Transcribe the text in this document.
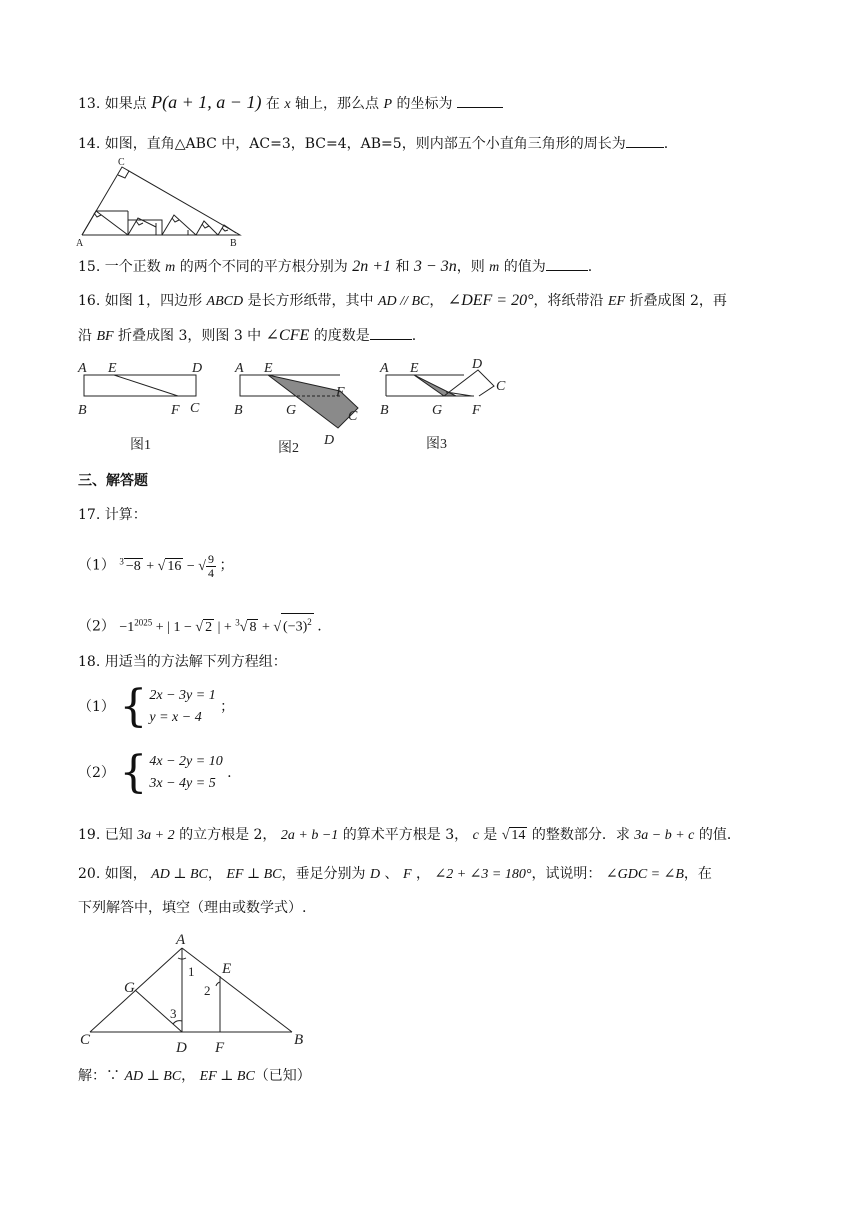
13. 如果点 P(a + 1, a − 1) 在 x 轴上，那么点 P 的坐标为
14. 如图，直角△ABC 中，AC=3，BC=4，AB=5，则内部五个小直角三角形的周长为	.
C
A	B
15. 一个正数 m 的两个不同的平方根分别为 2n +1 和 3 − 3n，则 m 的值为	.
16. 如图 1，四边形 ABCD 是长方形纸带，其中 AD // BC， ∠DEF = 20°，将纸带沿 EF 折叠成图 2，再
沿 BF 折叠成图 3，则图 3 中 ∠CFE 的度数是	.
A E	D
B	F C
A E
F
B	G	C
D
A E	D
C
B	G F
图1	图2	图3
三、解答题
17. 计算：
（1） $^3$ −8 + √ 16 − √ $\frac{9}{4}$ ；
$(2) -1^{2025}$ + | 1 − √ 2 | + $^3$√ 8 + √ $(-3)^2$ .
18. 用适当的方法解下列方程组：
（1） { 2x − 3y = 1
y = x − 4
；
（2） { 4x − 2y = 10
3x − 4y = 5
.
19. 已知 3a + 2 的立方根是 2， 2a + b −1 的算术平方根是 3， c 是 √ 14 的整数部分．求 3a − b + c 的值．
20. 如图， AD ⊥ BC， EF ⊥ BC，垂足分别为 D 、 F ， ∠2 + ∠3 = 180°，试说明： ∠GDC = ∠B，在
下列解答中，填空（理由或数学式）.
A
G
E
C	D F	B
1
2
3
解：∵ AD ⊥ BC， EF ⊥ BC（已知）
